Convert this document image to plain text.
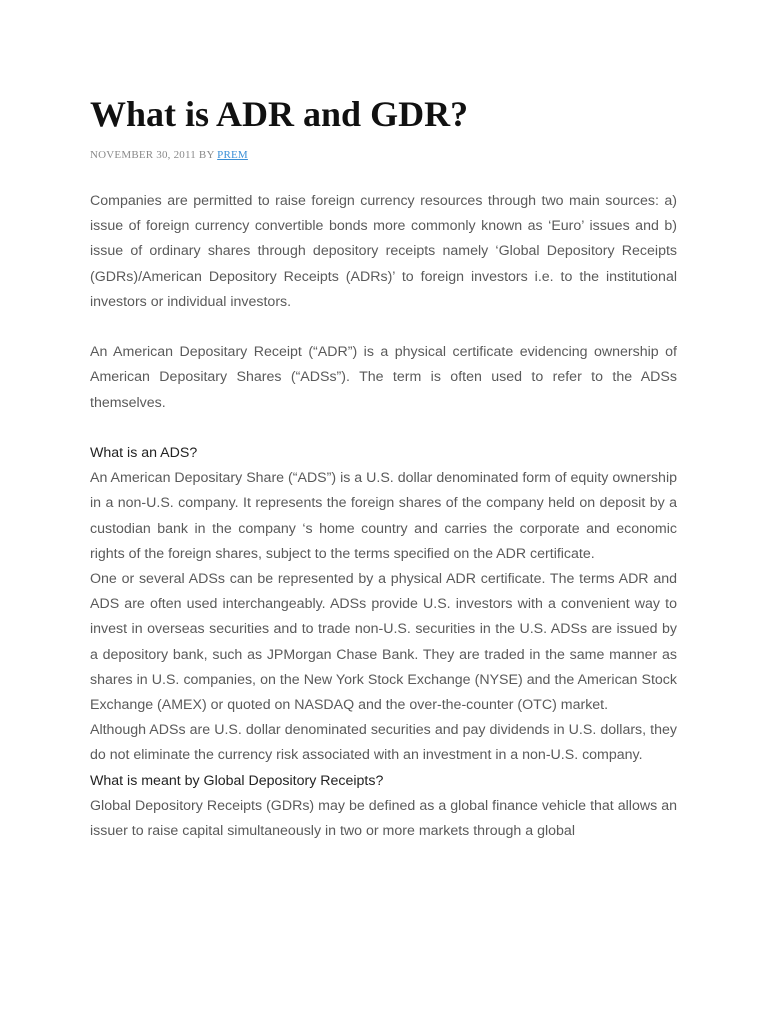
What is ADR and GDR?
NOVEMBER 30, 2011 BY PREM

Companies are permitted to raise foreign currency resources through two main sources: a) issue of foreign currency convertible bonds more commonly known as ‘Euro’ issues and b) issue of ordinary shares through depository receipts namely ‘Global Depository Receipts (GDRs)/American Depository Receipts (ADRs)’ to foreign investors i.e. to the institutional investors or individual investors.

An American Depositary Receipt (“ADR”) is a physical certificate evidencing ownership of American Depositary Shares (“ADSs”). The term is often used to refer to the ADSs themselves.

What is an ADS?

An American Depositary Share (“ADS”) is a U.S. dollar denominated form of equity ownership in a non-U.S. company. It represents the foreign shares of the company held on deposit by a custodian bank in the company ‘s home country and carries the corporate and economic rights of the foreign shares, subject to the terms specified on the ADR certificate.

One or several ADSs can be represented by a physical ADR certificate. The terms ADR and ADS are often used interchangeably. ADSs provide U.S. investors with a convenient way to invest in overseas securities and to trade non-U.S. securities in the U.S. ADSs are issued by a depository bank, such as JPMorgan Chase Bank. They are traded in the same manner as shares in U.S. companies, on the New York Stock Exchange (NYSE) and the American Stock Exchange (AMEX) or quoted on NASDAQ and the over-the-counter (OTC) market.

Although ADSs are U.S. dollar denominated securities and pay dividends in U.S. dollars, they do not eliminate the currency risk associated with an investment in a non-U.S. company.

What is meant by Global Depository Receipts?

Global Depository Receipts (GDRs) may be defined as a global finance vehicle that allows an issuer to raise capital simultaneously in two or more markets through a global
